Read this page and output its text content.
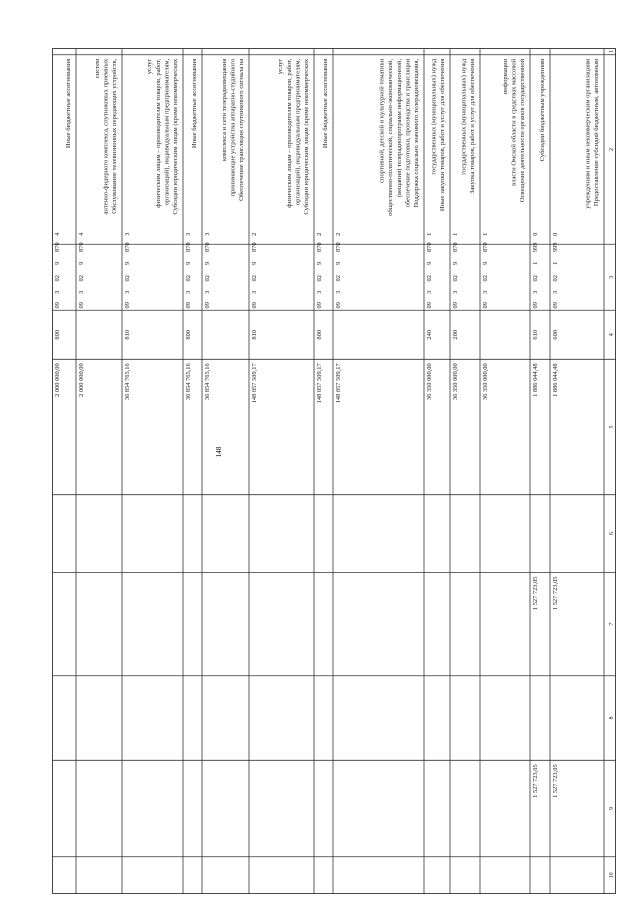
148
1
2
3
4
5
6
7
8
9
10
Предоставление субсидий бюджетным, автономным
учреждениям и иным некоммерческим организациям
09
3
02
1
999
0
600
1 886 044,48
1 527 723,05
1 527 723,05
Субсидии бюджетным учреждениям
09
3
02
1
999
0
610
1 886 044,48
1 527 723,05
1 527 723,05
Освещение деятельности органов государственной
власти Омской области в средствах массовой
информации
09
3
02
9
870
1
36 350 000,00
Закупка товаров, работ и услуг для обеспечения
государственных (муниципальных) нужд
09
3
02
9
870
1
200
36 350 000,00
Иные закупки товаров, работ и услуг для обеспечения
государственных (муниципальных) нужд
09
3
02
9
870
1
240
36 350 000,00
Поддержка социально значимого телерадиовещания,
обеспечение подготовки, производства и трансляции
(вещания) телерадиопрограмм информационной,
общественно-политической, социально-экономической,
спортивной, детской и культурной тематики
09
3
02
9
870
2
148 057 509,17
Иные бюджетные ассигнования
09
3
02
9
870
2
800
148 057 509,17
Субсидии юридическим лицам (кроме некоммерческих
организаций), индивидуальным предпринимателям,
физическим лицам – производителям товаров, работ,
услуг
09
3
02
9
870
2
810
148 057 509,17
Обеспечение трансляции спутникового сигнала на
принимающие устройства аппаратно-студийного
комплекса и сети телерадиовещания
09
3
02
9
870
3
36 854 765,16
Иные бюджетные ассигнования
09
3
02
9
870
3
800
36 854 765,16
Субсидии юридическим лицам (кроме некоммерческих
организаций), индивидуальным предпринимателям,
физическим лицам – производителям товаров, работ,
услуг
09
3
02
9
870
3
810
36 854 765,16
Обслуживание телевизионных передающих устройств,
антенно-фидерного комплекса, спутниковых приемных
систем
09
3
02
9
870
4
2 000 000,00
Иные бюджетные ассигнования
09
3
02
9
870
4
800
2 000 000,00
